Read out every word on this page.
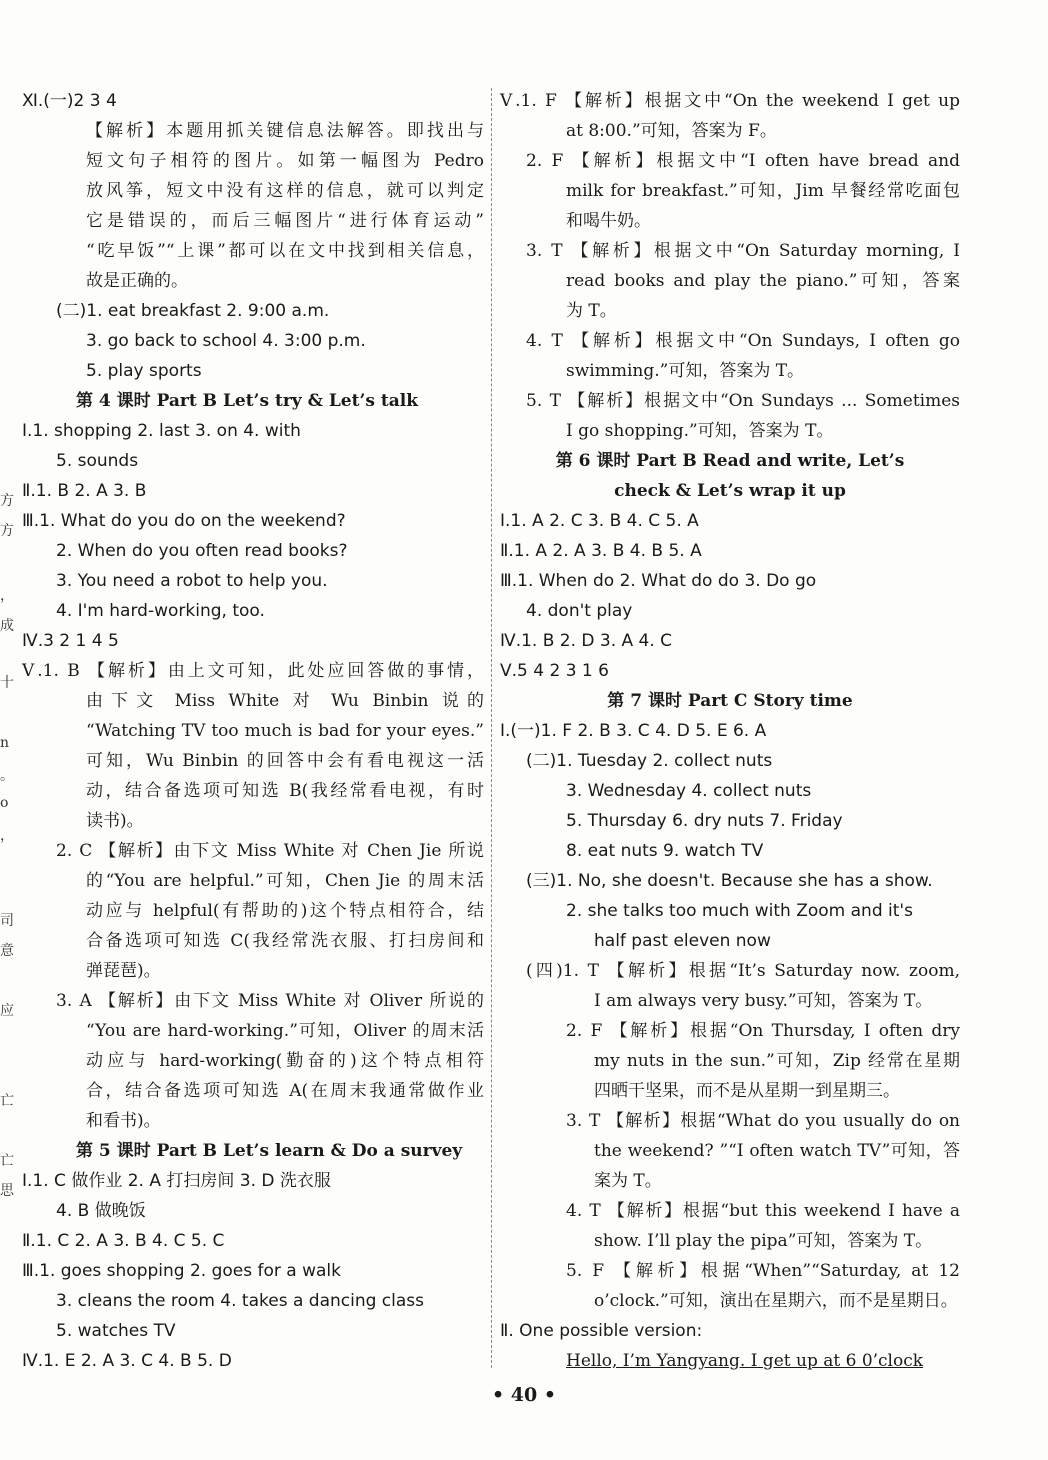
方
方
，
成
十
n
。
o
，
司
意
应
亡
亡
思
Ⅺ.(一)2 3 4
【解析】本题用抓关键信息法解答。即找出与
短文句子相符的图片。如第一幅图为 Pedro
放风筝，短文中没有这样的信息，就可以判定
它是错误的，而后三幅图片“进行体育运动”
“吃早饭”“上课”都可以在文中找到相关信息，
故是正确的。
(二)1. eat breakfast 2. 9:00 a.m.
3. go back to school 4. 3:00 p.m.
5. play sports
第 4 课时 Part B Let’s try & Let’s talk
Ⅰ.1. shopping 2. last 3. on 4. with
5. sounds
Ⅱ.1. B 2. A 3. B
Ⅲ.1. What do you do on the weekend?
2. When do you often read books?
3. You need a robot to help you.
4. I'm hard-working, too.
Ⅳ.3 2 1 4 5
Ⅴ.1. B 【解析】由上文可知，此处应回答做的事情，
由下文 Miss White 对 Wu Binbin 说的
“Watching TV too much is bad for your eyes.”
可知，Wu Binbin 的回答中会有看电视这一活
动，结合备选项可知选 B(我经常看电视，有时
读书)。
2. C 【解析】由下文 Miss White 对 Chen Jie 所说
的“You are helpful.”可知，Chen Jie 的周末活
动应与 helpful(有帮助的)这个特点相符合，结
合备选项可知选 C(我经常洗衣服、打扫房间和
弹琵琶)。
3. A 【解析】由下文 Miss White 对 Oliver 所说的
“You are hard-working.”可知，Oliver 的周末活
动应与 hard-working(勤奋的)这个特点相符
合，结合备选项可知选 A(在周末我通常做作业
和看书)。
第 5 课时 Part B Let’s learn & Do a survey
Ⅰ.1. C 做作业 2. A 打扫房间 3. D 洗衣服
4. B 做晚饭
Ⅱ.1. C 2. A 3. B 4. C 5. C
Ⅲ.1. goes shopping 2. goes for a walk
3. cleans the room 4. takes a dancing class
5. watches TV
Ⅳ.1. E 2. A 3. C 4. B 5. D
Ⅴ.1. F 【解析】根据文中“On the weekend I get up
at 8:00.”可知，答案为 F。
2. F 【解析】根据文中“I often have bread and
milk for breakfast.”可知，Jim 早餐经常吃面包
和喝牛奶。
3. T 【解析】根据文中“On Saturday morning, I
read books and play the piano.”可知，答案
为 T。
4. T 【解析】根据文中“On Sundays, I often go
swimming.”可知，答案为 T。
5. T 【解析】根据文中“On Sundays ... Sometimes
I go shopping.”可知，答案为 T。
第 6 课时 Part B Read and write, Let’s
check & Let’s wrap it up
Ⅰ.1. A 2. C 3. B 4. C 5. A
Ⅱ.1. A 2. A 3. B 4. B 5. A
Ⅲ.1. When do 2. What do do 3. Do go
4. don't play
Ⅳ.1. B 2. D 3. A 4. C
Ⅴ.5 4 2 3 1 6
第 7 课时 Part C Story time
Ⅰ.(一)1. F 2. B 3. C 4. D 5. E 6. A
(二)1. Tuesday 2. collect nuts
3. Wednesday 4. collect nuts
5. Thursday 6. dry nuts 7. Friday
8. eat nuts 9. watch TV
(三)1. No, she doesn't. Because she has a show.
2. she talks too much with Zoom and it's
half past eleven now
(四)1. T 【解析】根据“It’s Saturday now. zoom,
I am always very busy.”可知，答案为 T。
2. F 【解析】根据“On Thursday, I often dry
my nuts in the sun.”可知，Zip 经常在星期
四晒干坚果，而不是从星期一到星期三。
3. T 【解析】根据“What do you usually do on
the weekend? ”“I often watch TV”可知，答
案为 T。
4. T 【解析】根据“but this weekend I have a
show. I’ll play the pipa”可知，答案为 T。
5. F 【解析】根据“When”“Saturday, at 12
o’clock.”可知，演出在星期六，而不是星期日。
Ⅱ. One possible version:
Hello, I’m Yangyang. I get up at 6 0’clock
• 40 •
